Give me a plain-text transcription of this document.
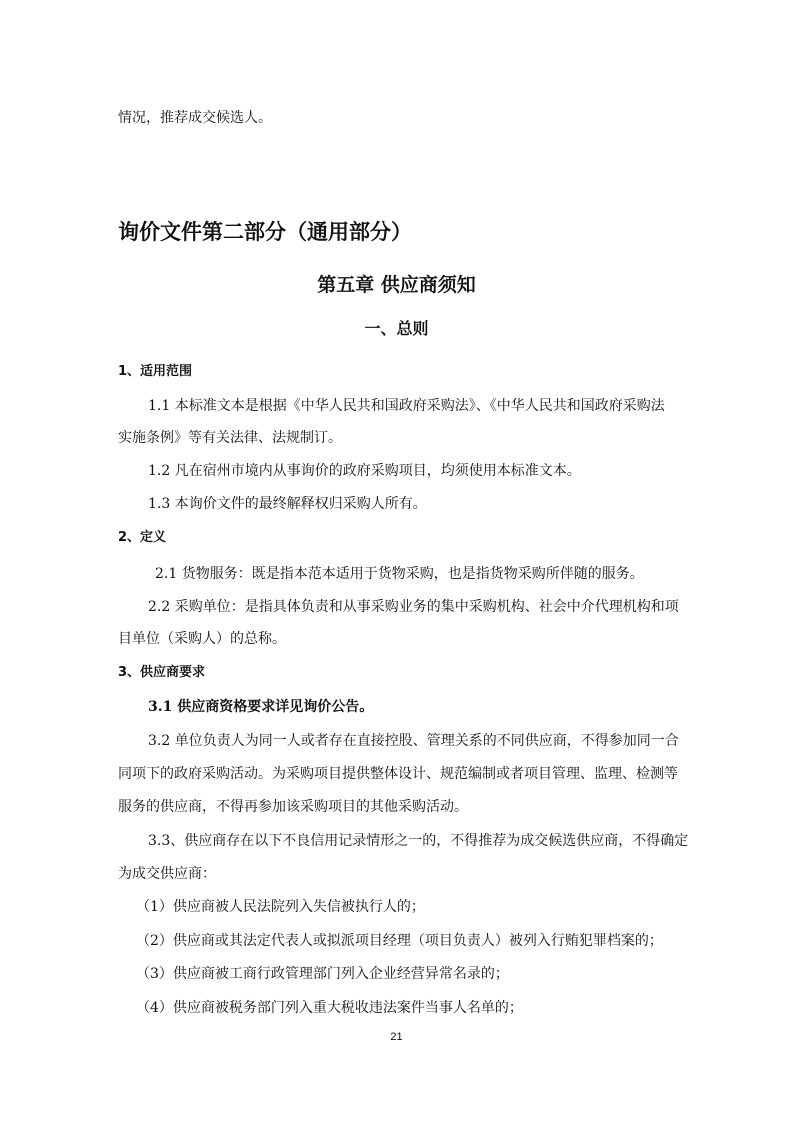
情况，推荐成交候选人。
询价文件第二部分（通用部分）
第五章 供应商须知
一、总则
1、适用范围
1.1 本标准文本是根据《中华人民共和国政府采购法》、《中华人民共和国政府采购法
实施条例》等有关法律、法规制订。
1.2 凡在宿州市境内从事询价的政府采购项目，均须使用本标准文本。
1.3 本询价文件的最终解释权归采购人所有。
2、定义
2.1 货物服务：既是指本范本适用于货物采购，也是指货物采购所伴随的服务。
2.2 采购单位：是指具体负责和从事采购业务的集中采购机构、社会中介代理机构和项
目单位（采购人）的总称。
3、供应商要求
3.1 供应商资格要求详见询价公告。
3.2 单位负责人为同一人或者存在直接控股、管理关系的不同供应商，不得参加同一合
同项下的政府采购活动。为采购项目提供整体设计、规范编制或者项目管理、监理、检测等
服务的供应商，不得再参加该采购项目的其他采购活动。
3.3、供应商存在以下不良信用记录情形之一的，不得推荐为成交候选供应商，不得确定
为成交供应商：
（1）供应商被人民法院列入失信被执行人的；
（2）供应商或其法定代表人或拟派项目经理（项目负责人）被列入行贿犯罪档案的；
（3）供应商被工商行政管理部门列入企业经营异常名录的；
（4）供应商被税务部门列入重大税收违法案件当事人名单的；
21
